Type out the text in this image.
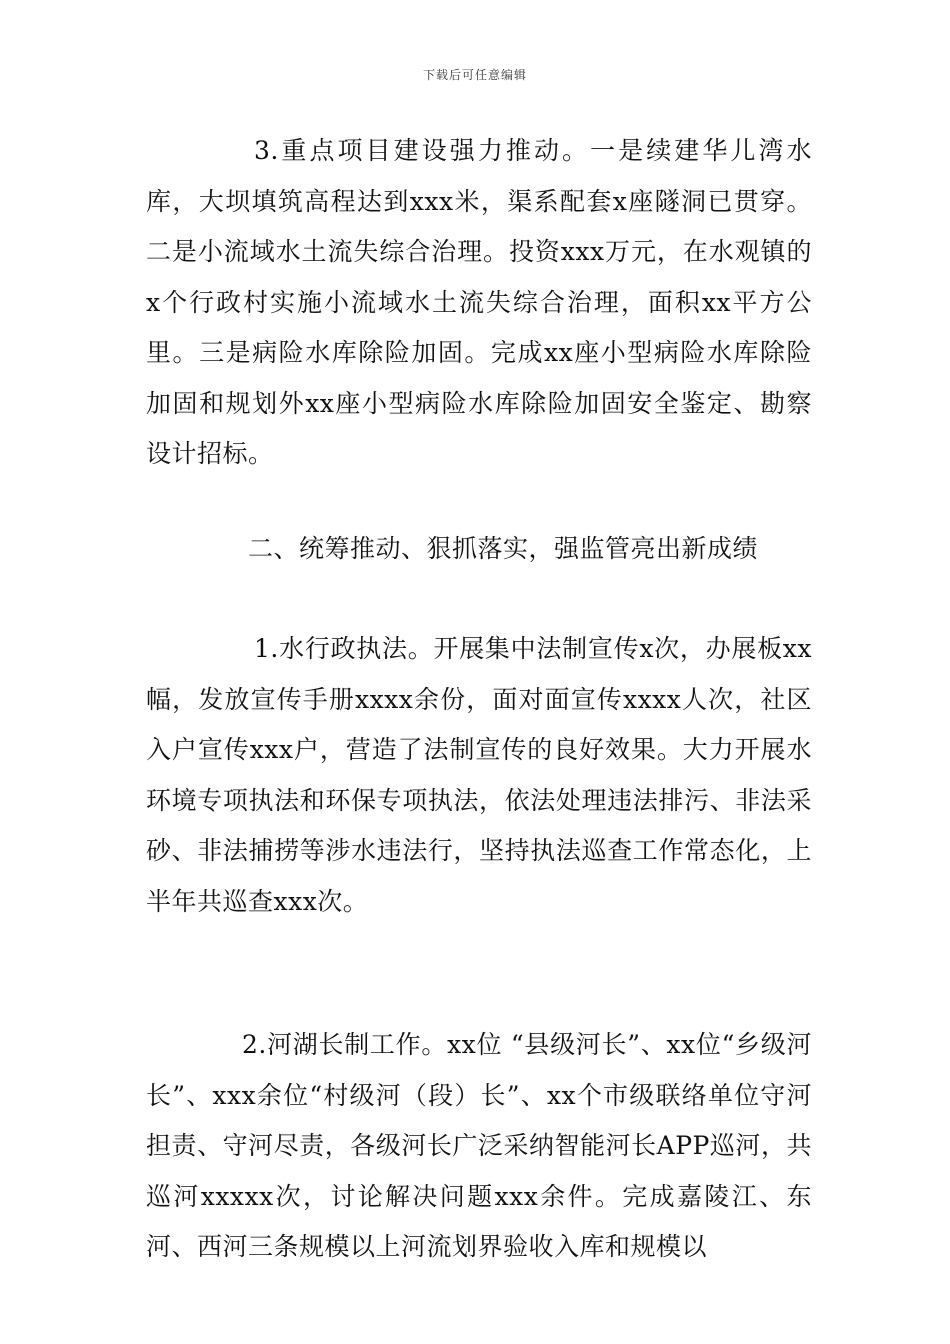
下载后可任意编辑

3.重点项目建设强力推动。一是续建华儿湾水库，大坝填筑高程达到xxx米，渠系配套x座隧洞已贯穿。二是小流域水土流失综合治理。投资xxx万元，在水观镇的x个行政村实施小流域水土流失综合治理，面积xx平方公里。三是病险水库除险加固。完成xx座小型病险水库除险加固和规划外xx座小型病险水库除险加固安全鉴定、勘察设计招标。

二、统筹推动、狠抓落实，强监管亮出新成绩

1.水行政执法。开展集中法制宣传x次，办展板xx幅，发放宣传手册xxxx余份，面对面宣传xxxx人次，社区入户宣传xxx户，营造了法制宣传的良好效果。大力开展水环境专项执法和环保专项执法，依法处理违法排污、非法采砂、非法捕捞等涉水违法行，坚持执法巡查工作常态化，上半年共巡查xxx次。

2.河湖长制工作。xx位 “县级河长”、xx位“乡级河长”、xxx余位“村级河（段）长”、xx个市级联络单位守河担责、守河尽责，各级河长广泛采纳智能河长APP巡河，共巡河xxxxx次，讨论解决问题xxx余件。完成嘉陵江、东河、西河三条规模以上河流划界验收入库和规模以
